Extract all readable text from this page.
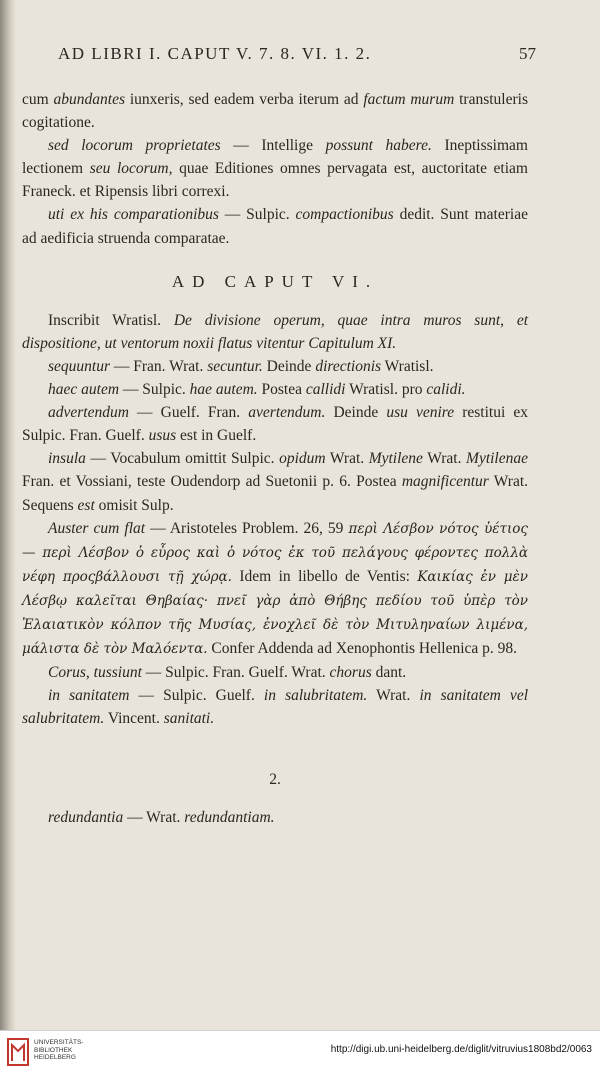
AD LIBRI I. CAPUT V. 7. 8. VI. 1. 2.	57

cum abundantes iunxeris, sed eadem verba iterum ad factum murum transtuleris cogitatione.

sed locorum proprietates — Intellige possunt habere. Ineptissimam lectionem seu locorum, quae Editiones omnes pervagata est, auctoritate etiam Franeck. et Ripensis libri correxi.

uti ex his comparationibus — Sulpic. compactionibus dedit. Sunt materiae ad aedificia struenda comparatae.

AD CAPUT VI.

Inscribit Wratisl. De divisione operum, quae intra muros sunt, et dispositione, ut ventorum noxii flatus vitentur Capitulum XI.

sequuntur — Fran. Wrat. secuntur. Deinde directionis Wratisl.

haec autem — Sulpic. hae autem. Postea callidi Wratisl. pro calidi.

advertendum — Guelf. Fran. avertendum. Deinde usu venire restitui ex Sulpic. Fran. Guelf. usus est in Guelf.

insula — Vocabulum omittit Sulpic. opidum Wrat. Mytilene Wrat. Mytilenae Fran. et Vossiani, teste Oudendorp ad Suetonii p. 6. Postea magnificentur Wrat. Sequens est omisit Sulp.

Auster cum flat — Aristoteles Problem. 26, 59 περὶ Λέσβον νότος ὑέτιος — περὶ Λέσβον ὁ εὖρος καὶ ὁ νότος ἐκ τοῦ πελάγους φέροντες πολλὰ νέφη προςβάλλουσι τῇ χώρᾳ. Idem in libello de Ventis: Καικίας ἐν μὲν Λέσβῳ καλεῖται Θηβαίας· πνεῖ γὰρ ἀπὸ Θήβης πεδίου τοῦ ὑπὲρ τὸν Ἐλαιατικὸν κόλπον τῆς Μυσίας, ἐνοχλεῖ δὲ τὸν Μιτυληναίων λιμένα, μάλιστα δὲ τὸν Μαλόεντα. Confer Addenda ad Xenophontis Hellenica p. 98.

Corus, tussiunt — Sulpic. Fran. Guelf. Wrat. chorus dant.

in sanitatem — Sulpic. Guelf. in salubritatem. Wrat. in sanitatem vel salubritatem. Vincent. sanitati.

2.

redundantia — Wrat. redundantiam.

UNIVERSITÄTS-
BIBLIOTHEK
HEIDELBERG
http://digi.ub.uni-heidelberg.de/diglit/vitruvius1808bd2/0063
